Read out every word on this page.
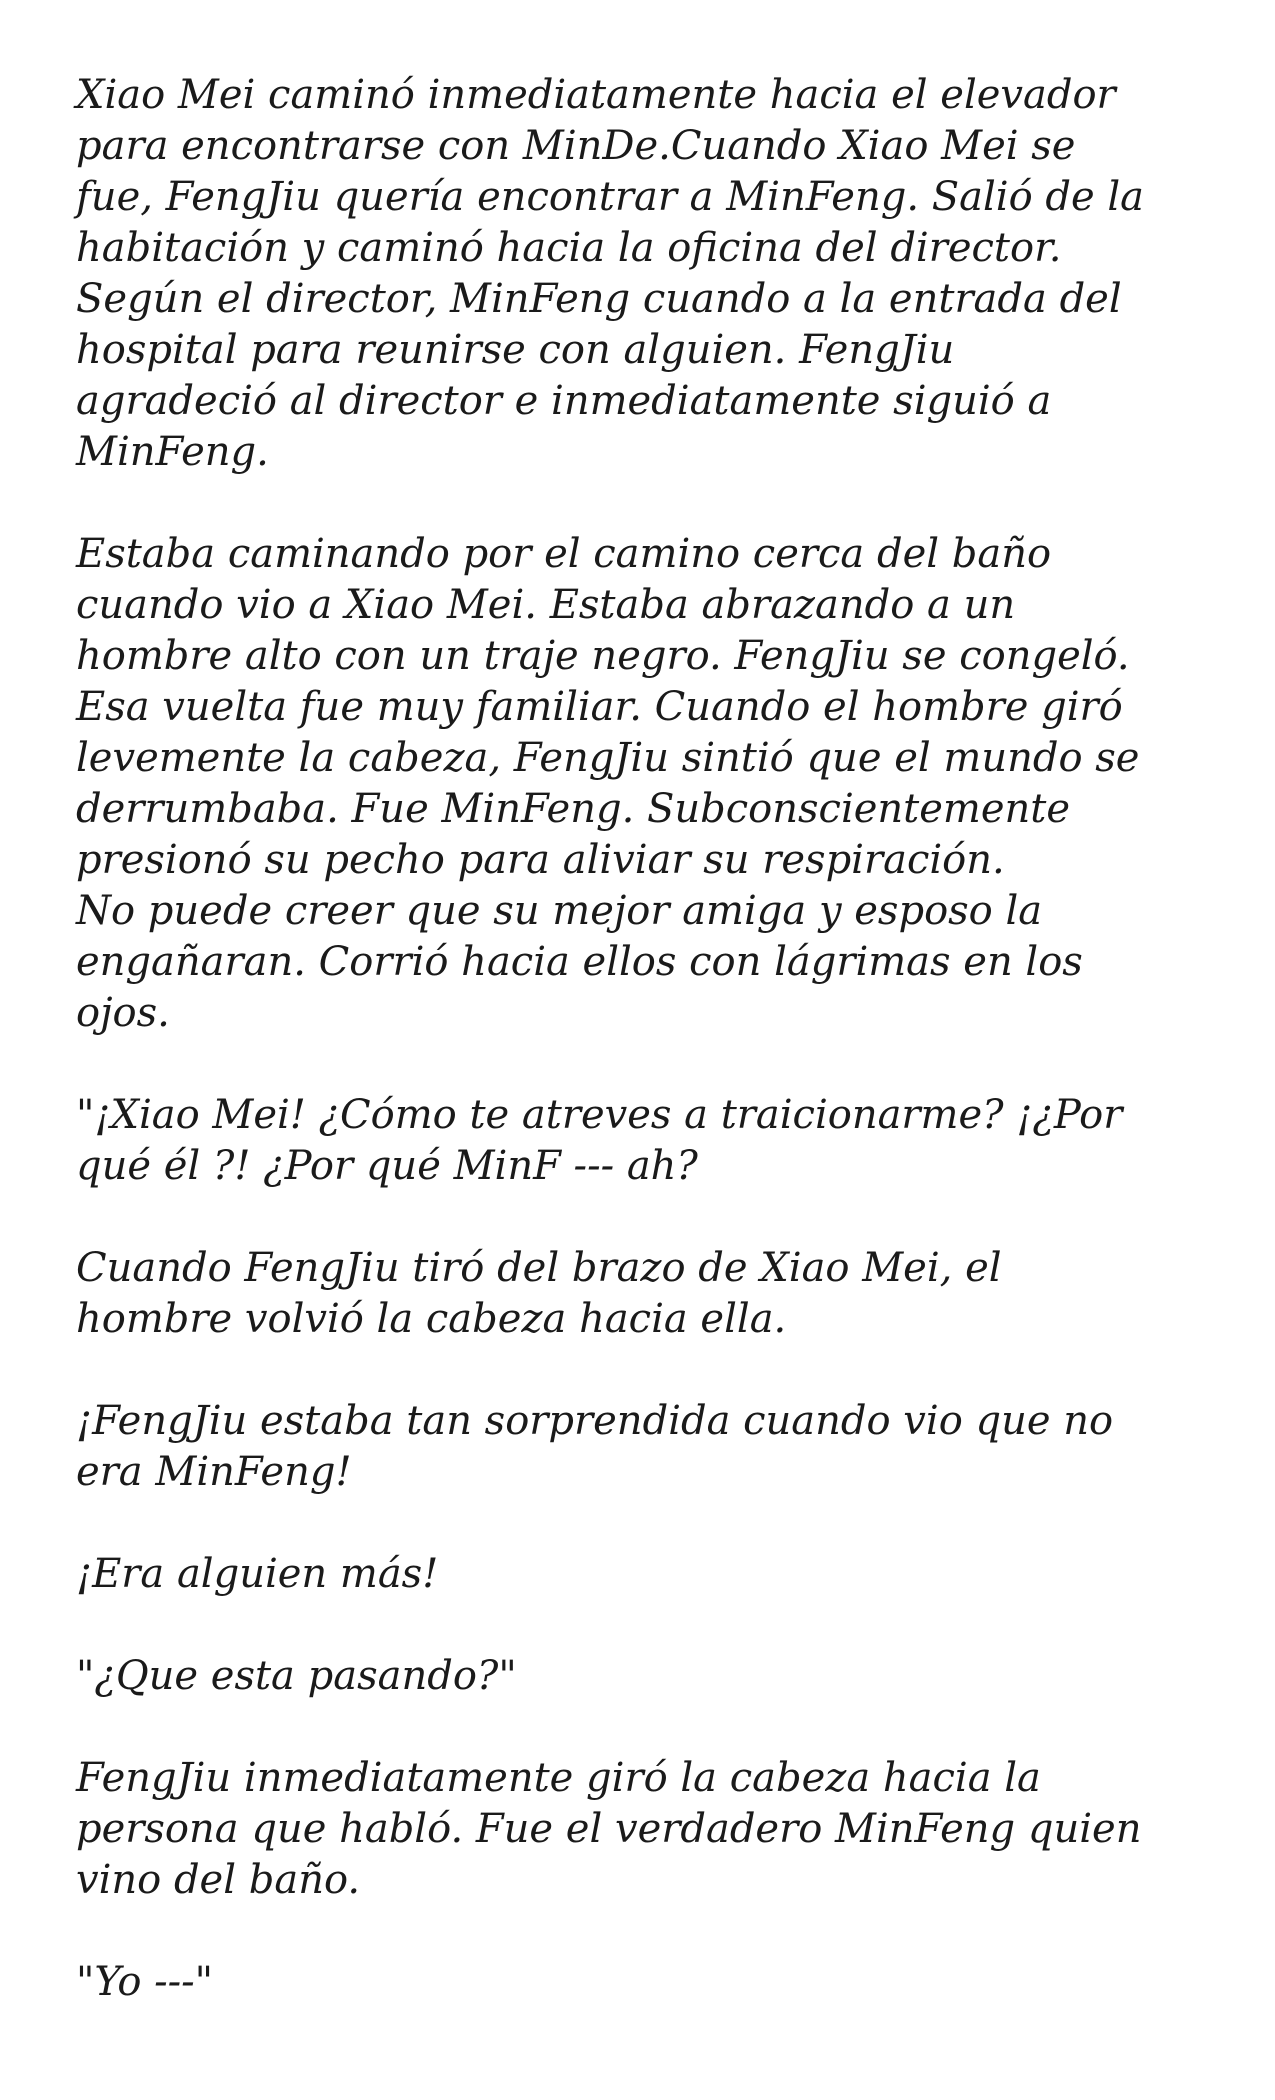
Xiao Mei caminó inmediatamente hacia el elevador
para encontrarse con MinDe.Cuando Xiao Mei se
fue, FengJiu quería encontrar a MinFeng. Salió de la
habitación y caminó hacia la oficina del director.
Según el director, MinFeng cuando a la entrada del
hospital para reunirse con alguien. FengJiu
agradeció al director e inmediatamente siguió a
MinFeng.

Estaba caminando por el camino cerca del baño
cuando vio a Xiao Mei. Estaba abrazando a un
hombre alto con un traje negro. FengJiu se congeló.
Esa vuelta fue muy familiar. Cuando el hombre giró
levemente la cabeza, FengJiu sintió que el mundo se
derrumbaba. Fue MinFeng. Subconscientemente
presionó su pecho para aliviar su respiración.
No puede creer que su mejor amiga y esposo la
engañaran. Corrió hacia ellos con lágrimas en los
ojos.

"¡Xiao Mei! ¿Cómo te atreves a traicionarme? ¡¿Por
qué él ?! ¿Por qué MinF --- ah?

Cuando FengJiu tiró del brazo de Xiao Mei, el
hombre volvió la cabeza hacia ella.

¡FengJiu estaba tan sorprendida cuando vio que no
era MinFeng!

¡Era alguien más!

"¿Que esta pasando?"

FengJiu inmediatamente giró la cabeza hacia la
persona que habló. Fue el verdadero MinFeng quien
vino del baño.

"Yo ---"
